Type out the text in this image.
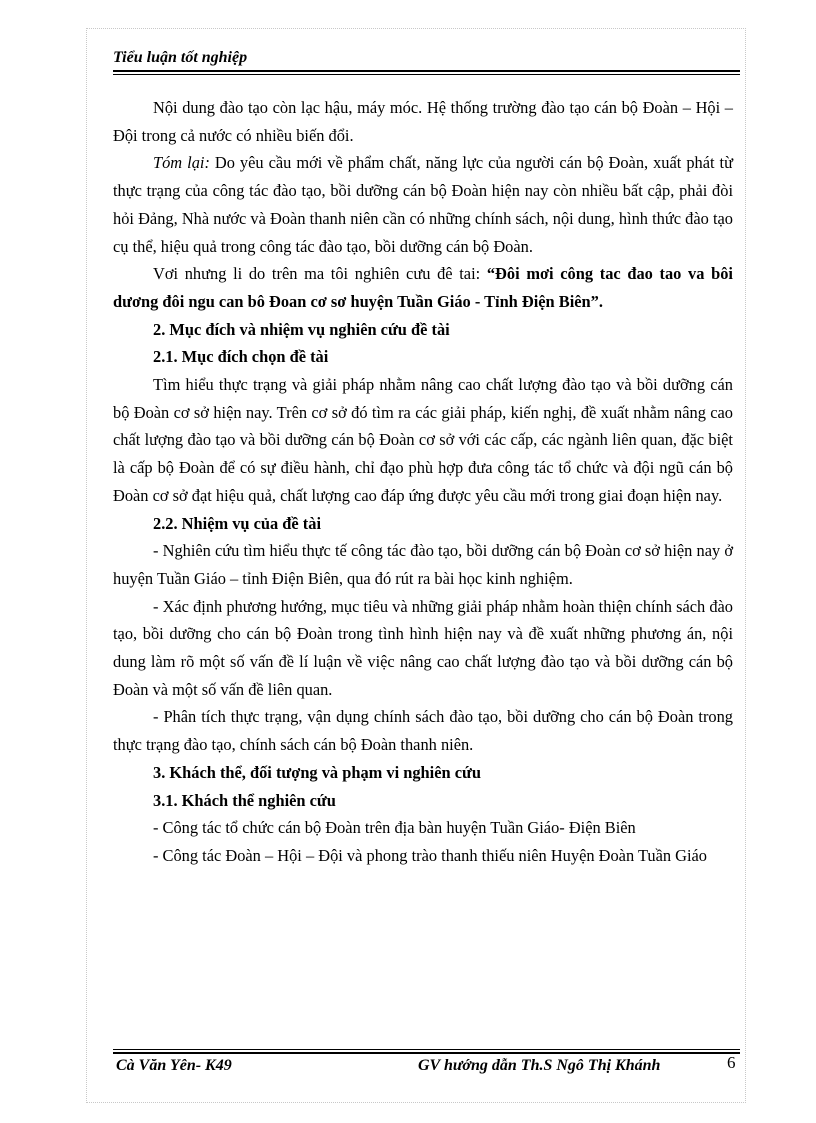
Tiểu luận tốt nghiệp

Nội dung đào tạo còn lạc hậu, máy móc. Hệ thống trường đào tạo cán bộ Đoàn – Hội – Đội trong cả nước có nhiều biến đổi.

Tóm lại: Do yêu cầu mới về phẩm chất, năng lực của người cán bộ Đoàn, xuất phát từ thực trạng của công tác đào tạo, bồi dưỡng cán bộ Đoàn hiện nay còn nhiều bất cập, phải đòi hỏi Đảng, Nhà nước và Đoàn thanh niên cần có những chính sách, nội dung, hình thức đào tạo cụ thể, hiệu quả trong công tác đào tạo, bồi dưỡng cán bộ Đoàn.

Vơi nhưng li do trên ma tôi nghiên cưu đê tai: “Đôi mơi công tac đao tao va bôi dương đôi ngu can bô Đoan cơ sơ huyện Tuần Giáo - Tỉnh Điện Biên”.

2. Mục đích và nhiệm vụ nghiên cứu đề tài

2.1. Mục đích chọn đề tài

Tìm hiểu thực trạng và giải pháp nhằm nâng cao chất lượng đào tạo và bồi dưỡng cán bộ Đoàn cơ sở hiện nay. Trên cơ sở đó tìm ra các giải pháp, kiến nghị, đề xuất nhằm nâng cao chất lượng đào tạo và bồi dưỡng cán bộ Đoàn cơ sở với các cấp, các ngành liên quan, đặc biệt là cấp bộ Đoàn để có sự điều hành, chỉ đạo phù hợp đưa công tác tổ chức và đội ngũ cán bộ Đoàn cơ sở đạt hiệu quả, chất lượng cao đáp ứng được yêu cầu mới trong giai đoạn hiện nay.

2.2. Nhiệm vụ của đề tài

- Nghiên cứu tìm hiểu thực tế công tác đào tạo, bồi dưỡng cán bộ Đoàn cơ sở hiện nay ở huyện Tuần Giáo – tỉnh Điện Biên, qua đó rút ra bài học kinh nghiệm.

- Xác định phương hướng, mục tiêu và những giải pháp nhằm hoàn thiện chính sách đào tạo, bồi dưỡng cho cán bộ Đoàn trong tình hình hiện nay và đề xuất những phương án, nội dung làm rõ một số vấn đề lí luận về việc nâng cao chất lượng đào tạo và bồi dưỡng cán bộ Đoàn và một số vấn đề liên quan.

- Phân tích thực trạng, vận dụng chính sách đào tạo, bồi dưỡng cho cán bộ Đoàn trong thực trạng đào tạo, chính sách cán bộ Đoàn thanh niên.

3. Khách thể, đối tượng và phạm vi nghiên cứu

3.1. Khách thể nghiên cứu

- Công tác tổ chức cán bộ Đoàn trên địa bàn huyện Tuần Giáo- Điện Biên

- Công tác Đoàn – Hội – Đội và phong trào thanh thiếu niên Huyện Đoàn Tuần Giáo

Cà Văn Yên- K49	GV hướng dẫn Th.S Ngô Thị Khánh	6
